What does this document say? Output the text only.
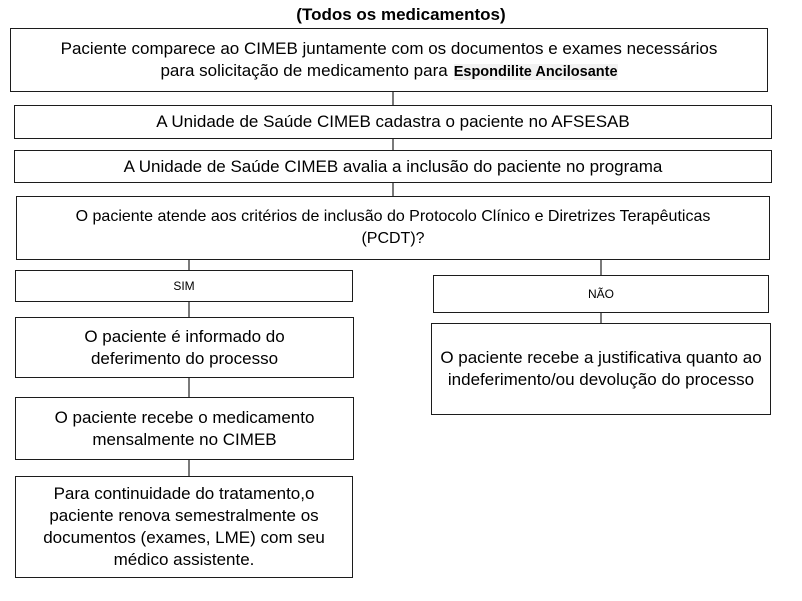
(Todos os medicamentos)
Paciente comparece ao CIMEB juntamente com os documentos e exames necessários
para solicitação de medicamento para Espondilite Ancilosante
A Unidade de Saúde CIMEB cadastra o paciente no AFSESAB
A Unidade de Saúde CIMEB avalia a inclusão do paciente no programa
O paciente atende aos critérios de inclusão do Protocolo Clínico e Diretrizes Terapêuticas
(PCDT)?
SIM
NÃO
O paciente é informado do deferimento do processo
O paciente recebe o medicamento mensalmente no CIMEB
Para continuidade do tratamento,o paciente renova semestralmente os documentos (exames, LME) com seu médico assistente.
O paciente recebe a justificativa quanto ao indeferimento/ou devolução do processo
